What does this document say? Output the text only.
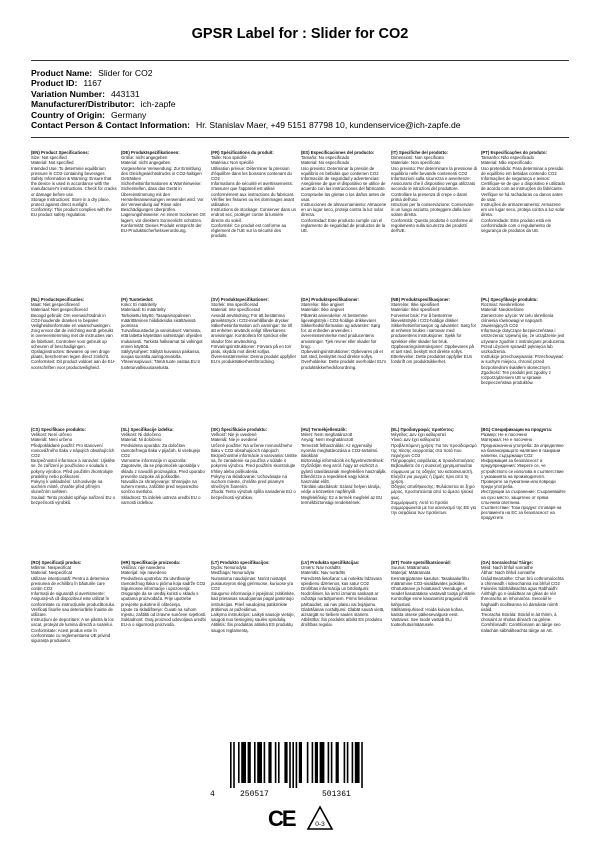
GPSR Label for : Slider for CO2
Product Name: Slider for CO2
Product ID: 1167
Variation Number: 443131
Manufacturer/Distributor: ich-zapfe
Country of Origin: Germany
Contact Person & Contact Information: Hr. Stanislav Maer, +49 5151 87798 10, kundenservice@ich-zapfe.de
(EN) Product Specifications:

Size: Not specified
Material: Not specified
Intended Use: To determine equilibrium pressure in CO2-containing beverages
Safety Information & Warning: Ensure that the device is used in accordance with the manufacturer's instructions. Check for cracks or damage before use.
Storage Instructions: Store in a dry place, protect against direct sunlight.
Conformity: This product complies with the EU product safety regulation.

(DE) Produktspezifikationen:

Größe: nicht angegeben
Material: nicht angegeben
Vorgesehene Verwendung: Zur Ermittlung des Gleichgewichtsdrucks in CO2-haltigen Getränken
Sicherheitsinformationen & Warnhinweise: Sicherstellen, dass das Gerät in Übereinstimmung mit den Herstelleranweisungen verwendet wird. Vor der Verwendung auf Risse oder Beschädigungen überprüfen.
Lagerungshinweise: An einem trockenen Ort lagern, vor direktem Sonnenlicht schützen.
Konformität: Dieses Produkt entspricht der EU-Produktsicherheitsverordnung.

(FR) Spécifications du produit:

Taille: Non spécifié
Matériau: Non spécifié
Utilisation prévue: Déterminer la pression d'équilibre dans les boissons contenant du CO2
Informations de sécurité et avertissements: S'assurer que l'appareil est utilisé conformément aux instructions du fabricant. Vérifier les fissures ou les dommages avant utilisation.
Instructions de stockage: Conserver dans un endroit sec, protéger contre la lumière directe du soleil.
Conformité: Ce produit est conforme au règlement de l'UE sur la sécurité des produits.

(ES) Especificaciones del producto:

Tamaño: No especificado
Material: No especificado
Uso previsto: Determinar la presión de equilibrio en bebidas que contienen CO2
Información de seguridad y advertencias: Asegúrese de que el dispositivo se utilice de acuerdo con las instrucciones del fabricante. Compruebe las grietas o los daños antes de usar.
Instrucciones de almacenamiento: Almacene en un lugar seco, proteja contra la luz solar directa.
Conformidad: Este producto cumple con el reglamento de seguridad de productos de la UE.

(IT) Specifiche del prodotto:

Dimensioni: Non specificato
Materiale: Non specificato
Uso previsto: Per determinare la pressione di equilibrio nelle bevande contenenti CO2
Informazioni sulla sicurezza e avvertenze: Assicurarsi che il dispositivo venga utilizzato secondo le istruzioni del produttore. Controllare la presenza di crepe o danni prima dell'uso.
Istruzioni per la conservazione: Conservare in un luogo asciutto, proteggere dalla luce solare diretta.
Conformità: Questo prodotto è conforme al regolamento sulla sicurezza dei prodotti dell'UE.

(PT) Especificações do produto:

Tamanho: Não especificado
Material: Não especificado
Uso pretendido: Para determinar a pressão de equilíbrio em bebidas contendo CO2
Informações de segurança e avisos: Certifique-se de que o dispositivo é utilizado de acordo com as instruções do fabricante. Verifique se há rachaduras ou danos antes de usar.
Instruções de armazenamento: Armazene em um lugar seco, proteja contra a luz solar direta.
Conformidade: Este produto está em conformidade com o regulamento de segurança de produtos da UE.

(NL) Productspecificaties:

Maat: Niet gespecificeerd
Materiaal: Niet gespecificeerd
Beoogd gebruik: Om evenwichtsdruk in CO2-houdende dranken te bepalen
Veiligheidsinformatie en waarschuwingen: Zorg ervoor dat de inrichting wordt gebruikt in overeenstemming met de instructies van de fabrikant. Controleer voor gebruik op scheuren of beschadigingen.
Opslaginstructies: Bewaren op een droge plaats, beschermen tegen direct zonlicht.
Conformiteit: Dit product voldoet aan de EU-voorschriften voor productveiligheid.

(FI) Tuotetiedot:

Koko: Ei määritelty
Materiaali: Ei määritelty
Tarkoitettu käyttö: Tasapainopaineen määrittäminen hiilidioksidia sisältävissä juomissa
Turvallisuustiedot ja varoitukset: Varmista, että laitetta käytetään valmistajan ohjeiden mukaisesti. Tarkista halkeamat tai vahingot ennen käyttöä.
Säilytysohjeet: Säilytä kuivassa paikassa, suojaa suoralta auringonvalolta.
Yhteensopivuus: Tämä tuote vastaa EU:n tuoteturvallisuusasetusta.

(SV) Produktspecifikationer:

Storlek: Inte specificerad
Material: Inte specificerad
Avsedd användning: För att bestämma jämviktstryck i CO2-innehållande drycker
Säkerhetsinformation och varningar: Se till att enheten används enligt tillverkarens anvisningar. Kontrollera för sprickor eller skador före användning.
Förvaringsinstruktioner: Förvara på en torr plats, skydda mot direkt solljus.
Överensstämmelse: Denna produkt uppfyller EU:s produktsäkerhetsförordning.

(DA) Produktspecifikationer:

Størrelse: Ikke angivet
Materiale: Ikke angivet
Påtænkt anvendelse: At bestemme ligevægtstryk i CO2-holdige drikkevarer
Sikkerhedsinformation og advarsler: Sørg for, at enheden anvendes i overensstemmelse med producentens anvisninger. Tjek revner eller skader før brug.
Opbevaringsinstruktioner: Opbevares på et tørt sted, beskyttet mod direkte sollys.
Overholdelse: Dette produkt overholder EU's produktsikkerhedsforordning.

(NB) Produktspesifikasjoner:

Størrelse: Ikke spesifisert
Materiale: Ikke spesifisert
Forventet bruk: For å bestemme likevektstrykk i CO2-holdige drikker
Sikkerhetsinformasjon og advarsler: Sørg for at enheten brukes i samsvar med produsentens instruksjoner. Sjekk for sprekker eller skader før bruk.
Oppbevaringsinstruksjoner: Oppbevares på et tørt sted, beskytt mot direkte sollys.
Etterlevelse: Dette produktet oppfyller EUs forskrift om produktsikkerhet.

(PL) Specyfikacje produktu:

Rozmiar: Nieokreślone
Materiał: Nieokreślone
Zamierzone użycie: W celu określenia ciśnienia równowagi w napojach zawierających CO2
Informacje dotyczące bezpieczeństwa i ostrzeżenia: Upewnij się, że urządzenie jest używane zgodnie z instrukcjami producenta. Przed użyciem sprawdź pęknięcia lub uszkodzenia.
Instrukcje przechowywania: Przechowywać w suchym miejscu, chronić przed bezpośrednim światłem słonecznym.
Zgodność: Ten produkt jest zgodny z rozporządzeniem UE w sprawie bezpieczeństwa produktów.

(CS) Specifikace produktu:

Velikost: Není určeno
Materiál: Není určeno
Předpokládané použití: Pro stanovení rovnovážného tlaku v nápojích obsahujících CO2
Bezpečnostní informace a varování: Ujistěte se, že zařízení je používáno v souladu s pokyny výrobce. Před použitím zkontrolujte praskliny nebo poškození.
Pokyny k uskladnění: Uchovávejte na suchém místě, chraňte před přímým slunečním světlem.
Soulad: Tento produkt splňuje nařízení EU o bezpečnosti výrobků.

(SL) Specifikacije izdelka:

Velikost: Ni določeno
Material: Ni določeno
Predvidena uporaba: Za določitev ravnotežnega tlaka v pijačah, ki vsebujejo CO2
Varnostne informacije in opozorila: Zagotovite, da se pripomoček uporablja v skladu z navodili proizvajalca. Pred uporabo preverite razpoke ali poškodbe.
Navodila za shranjevanje: Shranjujte na suhem mestu, zaščitite pred neposredno sončno svetlobo.
Skladnost: Ta izdelek ustreza uredbi EU o varnosti izdelkov.

(SK) Špecifikácie produktu:

Veľkosť: Nie je uvedené
Materiál: Nie je uvedené
Určené použitie: Na určenie rovnovážneho tlaku v CO2-obsahujúcich nápojoch
Bezpečnostné informácie a varovania: Uistite sa, že zariadenie sa používa v súlade s pokynmi výrobcu. Pred použitím skontrolujte trhliny alebo poškodenia.
Pokyny na skladovanie: Uchovávajte na suchom mieste, chráňte pred priamym slnečným žiarením.
Zhoda: Tento výrobok spĺňa nariadenie EÚ o bezpečnosti výrobkov.

(HU) Termékjellemzők:

Méret: Nem meghatározott
Anyag: Nem meghatározott
Tervezett felhasználás: Az egyensúlyi nyomás meghatározása a CO2-tartalmú italokban
Biztonsági információk és figyelmeztetések: Győződjön meg arról, hogy az eszközt a gyártó utasításainak megfelelően használják. Ellenőrizze a repedések vagy károk használat előtt.
Tárolási utasítások: Száraz helyen tárolja, védje a közvetlen napfénytől.
Megfelelőség: Ez a termék megfelel az EU termékbiztonsági rendeletének.

(EL) Προδιαγραφές προϊόντος:

Μέγεθος: Δεν έχει καθοριστεί
Υλικό: Δεν έχει καθοριστεί
Προβλεπόμενη χρήση: Για τον προσδιορισμό της πίεσης ισορροπίας στα ποτά που περιέχουν CO2
Πληροφορίες ασφάλειας & προειδοποιήσεις: Βεβαιωθείτε ότι η συσκευή χρησιμοποιείται σύμφωνα με τις οδηγίες του κατασκευαστή. Ελέγξτε για ρωγμές ή ζημιές πριν από τη χρήση.
Οδηγίες αποθήκευσης: Φυλάσσεται σε ξηρό μέρος, προστατεύεται από το άμεσο ηλιακό φως.
Συμμόρφωση: Αυτό το προϊόν συμμορφώνεται με τον κανονισμό της ΕΕ για την ασφάλεια των προϊόντων.

(BG) Спецификации на продукта:

Размер: Не е посочено
Материал: Не е посочено
Предназначена употреба: За определяне на балансиращото налягане в газирани напитки, съдържащи CO2
Информация за безопасност и предупреждения: Уверете се, че устройството се използва в съответствие с указанията на производителя. Проверете за пукнатини или повреди преди употреба.
Инструкции за съхранение: Съхранявайте на сухо място, защитено от пряка слънчева светлина.
Съответствие: Този продукт отговаря на регламента на ЕС за безопасност на продуктите.

(RO) Specificații produs:

Mărime: Nespecificat
Material: Nespecificat
Utilizare intenționată: Pentru a determina presiunea de echilibru în băuturile care conțin CO2
Informații de siguranță și avertismente: Asigurați-vă că dispozitivul este utilizat în conformitate cu instrucțiunile producătorului. Verificați fisurile sau deteriorările înainte de utilizare.
Instrucțiuni de depozitare: A se păstra la loc uscat, protejat de lumina directă a soarelui.
Conformitate: Acest produs este în conformitate cu reglementarea UE privind siguranța produselor.

(HR) Specifikacije proizvoda:

Veličina: nije navedeno
Materijal: nije navedeno
Predviđena upotreba: Za utvrđivanje ravnotežnog tlaka u pićima koja sadrže CO2
Sigurnosne informacije i upozorenja: Osigurajte da se uređaj koristi u skladu s uputama proizvođača. Prije upotrebe provjerite pukotine ili oštećenja.
Upute za skladištenje: Čuvati na suhom mjestu, zaštititi od izravne sunčeve svjetlosti.
Sukladnost: Ovaj proizvod udovoljava uredbi EU-a o sigurnosti proizvoda.

(LT) Produkto specifikacijos:

Dydis: Nenurodyta
Medžiaga: Nenurodyta
Numatoma naudojimas: Norint nustatyti pusiausvyros slėgį gėrimuose, kuriuose yra CO2
Saugumo informacija ir įspėjimai: Įsitikinkite, kad prietaisas naudojamas pagal gamintojo instrukcijas. Prieš naudojimą patikrinkite įtrūkimus ar pažeidimus.
Laikymo instrukcijos: Laikyti sausoje vietoje, saugoti nuo tiesioginių saulės spindulių.
Atitiktis: Šis produktas atitinka ES produktų saugos reglamentą.

(LV) Produkta specifikācijas:

Izmērs: Nav norādīts
Materiāls: Nav norādīts
Paredzētā lietošana: Lai noteiktu līdzsvara spiedienu dzērienos, kas satur CO2
Drošības informācija un brīdinājumi: Nodrošiniet, ka ierīci izmanto saskaņā ar ražotāja norādījumiem. Pirms lietošanas pārbaudiet, vai nav plaisu vai bojājumu.
Glabāšanas norādījumi: Glabāt sausā vietā, aizsargāt no tiešiem saules stariem.
Atbilstība: Šis produkts atbilst ES produktu drošības regulai.

(ET) Toote spetsifikatsioonid:

Suurus: Määramata
Materjal: Määramata
Eesmärgipärane kasutus: Tasakaalurõhu määramine CO2-sisaldavates jookides
Ohutusteave ja hoiatused: Veenduge, et seadet kasutatakse vastavalt tootja juhistele. Kontrollige enne kasutamist pragusid või kahjustusi.
Säilitamisjuhised: Hoida kuivas kohas, kaitsta otsese päikesevalguse eest.
Vastavus: See toode vastab ELi tooteohutusmäärusele.

(GA) Sonraíochtaí Táirge:

Méid: Nach bhfuil sonraithe
Ábhar: Nach bhfuil sonraithe
Úsáid Beartaithe: Chun brú cothromaíochta a chinneadh i ndeochanna ina bhfuil CO2
Faisnéis Sábháilteachta agus Rabhaidh: Áirithigh go n-úsáidtear an gléas de réir threoracha an mhonaróra. Seiceáil le haghaidh scoilteanna nó damáiste roimh úsáid.
Treoracha Stórála: Stóráil in áit thirim, á chosaint ar sholas díreach na gréine.
Comhlíonadh: Comhlíonann an táirge seo rialachán sábháilteachta táirge an AE.

4	250517	501361
CE	0-3
